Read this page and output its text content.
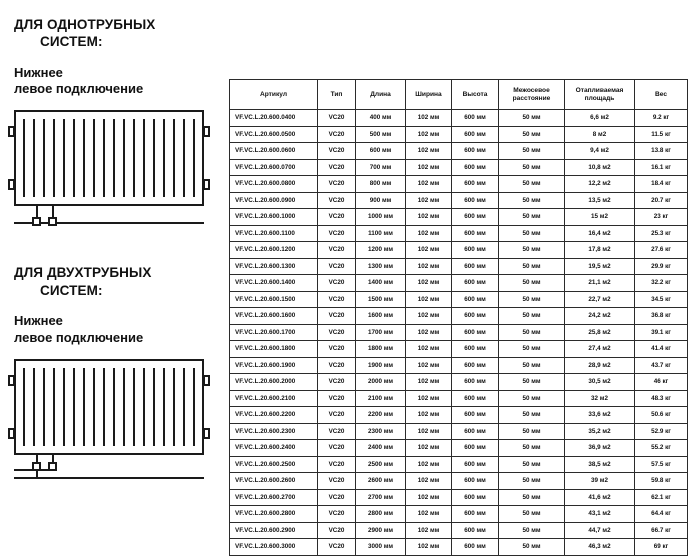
ДЛЯ ОДНОТРУБНЫХ
СИСТЕМ:
Нижнее
левое подключение
ДЛЯ ДВУХТРУБНЫХ
СИСТЕМ:
Нижнее
левое подключение
Артикул	Тип	Длина	Ширина	Высота	Межосевое расстояние	Отапливаемая площадь	Вес
VF.VC.L.20.600.0400	VC20	400 мм	102 мм	600 мм	50 мм	6,6 м2	9.2 кг
VF.VC.L.20.600.0500	VC20	500 мм	102 мм	600 мм	50 мм	8 м2	11.5 кг
VF.VC.L.20.600.0600	VC20	600 мм	102 мм	600 мм	50 мм	9,4 м2	13.8 кг
VF.VC.L.20.600.0700	VC20	700 мм	102 мм	600 мм	50 мм	10,8 м2	16.1 кг
VF.VC.L.20.600.0800	VC20	800 мм	102 мм	600 мм	50 мм	12,2 м2	18.4 кг
VF.VC.L.20.600.0900	VC20	900 мм	102 мм	600 мм	50 мм	13,5 м2	20.7 кг
VF.VC.L.20.600.1000	VC20	1000 мм	102 мм	600 мм	50 мм	15 м2	23 кг
VF.VC.L.20.600.1100	VC20	1100 мм	102 мм	600 мм	50 мм	16,4 м2	25.3 кг
VF.VC.L.20.600.1200	VC20	1200 мм	102 мм	600 мм	50 мм	17,8 м2	27.6 кг
VF.VC.L.20.600.1300	VC20	1300 мм	102 мм	600 мм	50 мм	19,5 м2	29.9 кг
VF.VC.L.20.600.1400	VC20	1400 мм	102 мм	600 мм	50 мм	21,1 м2	32.2 кг
VF.VC.L.20.600.1500	VC20	1500 мм	102 мм	600 мм	50 мм	22,7 м2	34.5 кг
VF.VC.L.20.600.1600	VC20	1600 мм	102 мм	600 мм	50 мм	24,2 м2	36.8 кг
VF.VC.L.20.600.1700	VC20	1700 мм	102 мм	600 мм	50 мм	25,8 м2	39.1 кг
VF.VC.L.20.600.1800	VC20	1800 мм	102 мм	600 мм	50 мм	27,4 м2	41.4 кг
VF.VC.L.20.600.1900	VC20	1900 мм	102 мм	600 мм	50 мм	28,9 м2	43.7 кг
VF.VC.L.20.600.2000	VC20	2000 мм	102 мм	600 мм	50 мм	30,5 м2	46 кг
VF.VC.L.20.600.2100	VC20	2100 мм	102 мм	600 мм	50 мм	32 м2	48.3 кг
VF.VC.L.20.600.2200	VC20	2200 мм	102 мм	600 мм	50 мм	33,6 м2	50.6 кг
VF.VC.L.20.600.2300	VC20	2300 мм	102 мм	600 мм	50 мм	35,2 м2	52.9 кг
VF.VC.L.20.600.2400	VC20	2400 мм	102 мм	600 мм	50 мм	36,9 м2	55.2 кг
VF.VC.L.20.600.2500	VC20	2500 мм	102 мм	600 мм	50 мм	38,5 м2	57.5 кг
VF.VC.L.20.600.2600	VC20	2600 мм	102 мм	600 мм	50 мм	39 м2	59.8 кг
VF.VC.L.20.600.2700	VC20	2700 мм	102 мм	600 мм	50 мм	41,6 м2	62.1 кг
VF.VC.L.20.600.2800	VC20	2800 мм	102 мм	600 мм	50 мм	43,1 м2	64.4 кг
VF.VC.L.20.600.2900	VC20	2900 мм	102 мм	600 мм	50 мм	44,7 м2	66.7 кг
VF.VC.L.20.600.3000	VC20	3000 мм	102 мм	600 мм	50 мм	46,3 м2	69 кг
